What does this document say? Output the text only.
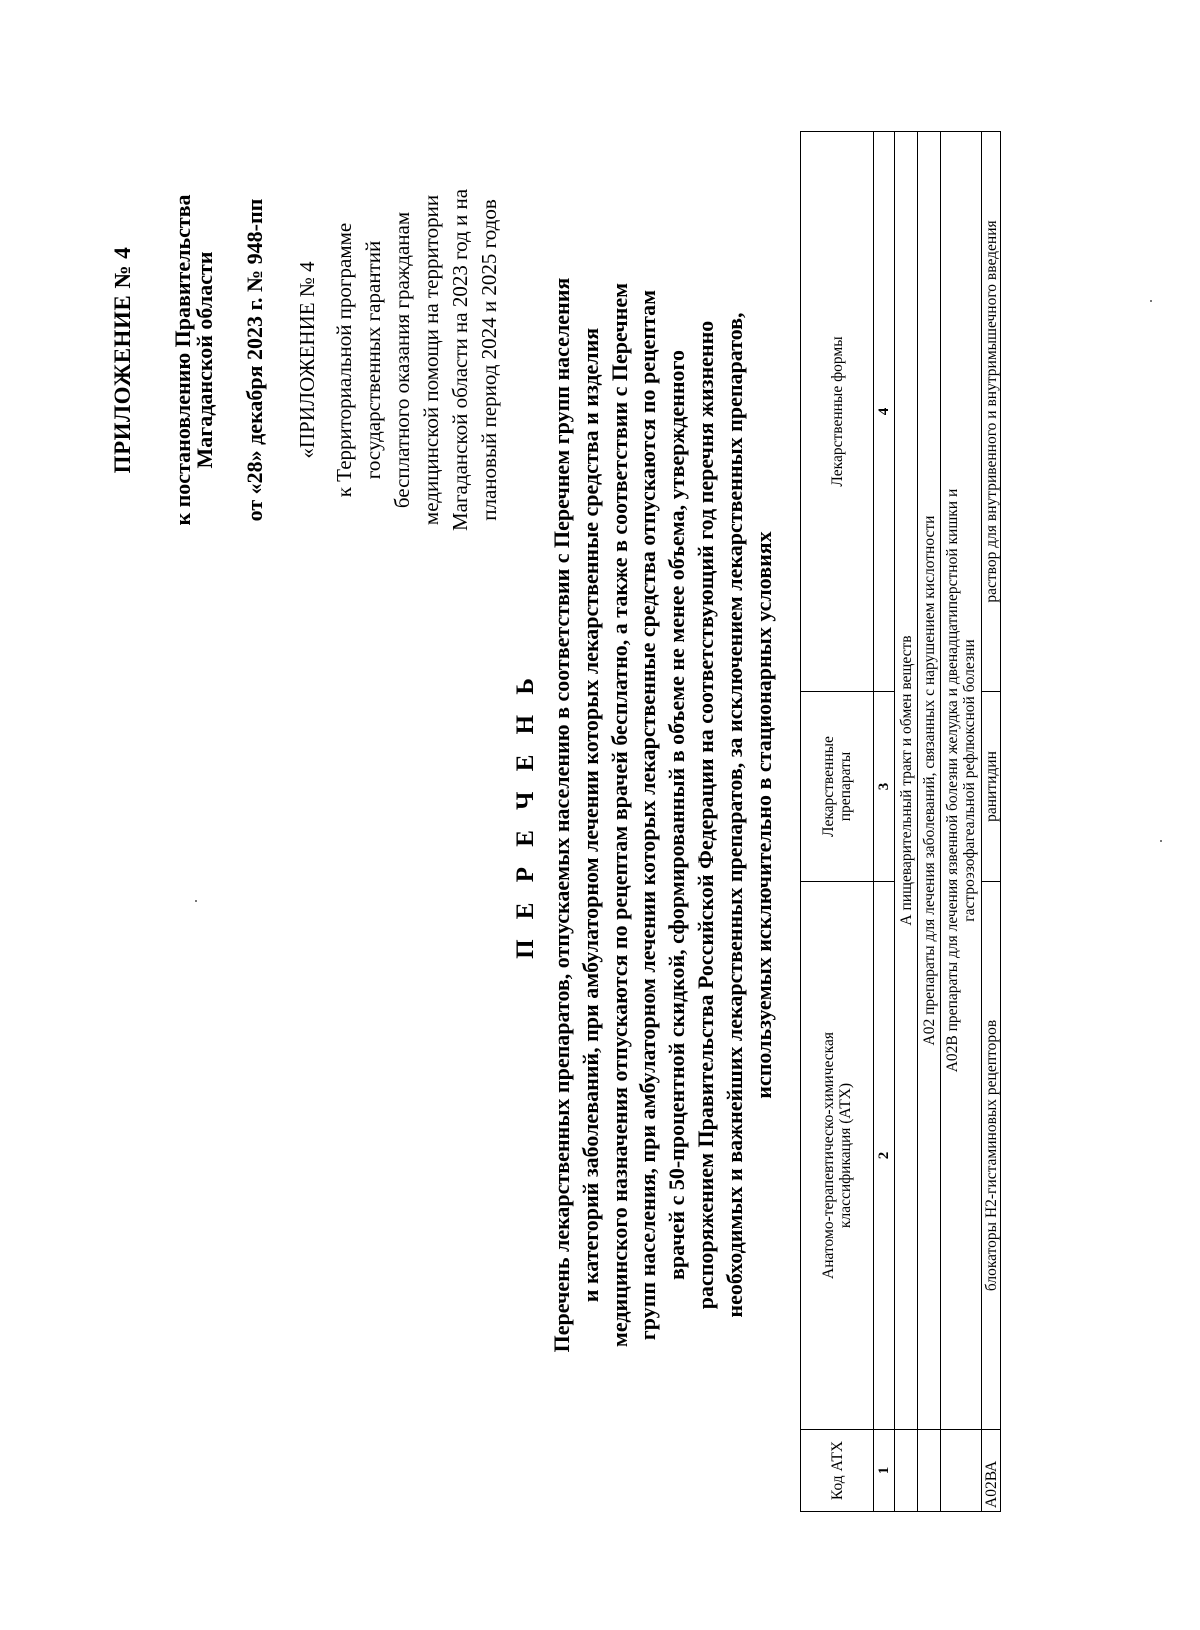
ПРИЛОЖЕНИЕ № 4 к постановлению Правительства Магаданской области от «28» декабря 2023 г. № 948-пп «ПРИЛОЖЕНИЕ № 4 к Территориальной программе государственных гарантий бесплатного оказания гражданам медицинской помощи на территории Магаданской области на 2023 год и на плановый период 2024 и 2025 годов
П Е Р Е Ч Е Н Ь Перечень лекарственных препаратов, отпускаемых населению в соответствии с Перечнем групп населения и категорий заболеваний, при амбулаторном лечении которых лекарственные средства и изделия медицинского назначения отпускаются по рецептам врачей бесплатно, а также в соответствии с Перечнем групп населения, при амбулаторном лечении которых лекарственные средства отпускаются по рецептам врачей с 50-процентной скидкой, сформированный в объеме не менее объема, утвержденного распоряжением Правительства Российской Федерации на соответствующий год перечня жизненно необходимых и важнейших лекарственных препаратов, за исключением лекарственных препаратов, используемых исключительно в стационарных условиях
Код АТХ	Анатомо-терапевтическо-химическая классификация (АТХ)	Лекарственные препараты	Лекарственные формы
1	2	3	4
	А пищеварительный тракт и обмен веществ		
	А02 препараты для лечения заболеваний, связанных с нарушением кислотности		

	А02В препараты для лечения язвенной болезни желудка и двенадцатиперстной кишки и гастроэзофагеальной рефлюксной болезни		

А02ВА	блокаторы Н2-гистаминовых рецепторов	ранитидин	раствор для внутривенного и внутримышечного введения
